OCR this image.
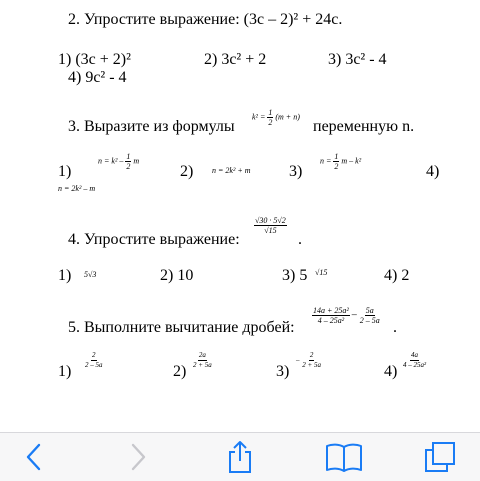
2. Упростите выражение: (3с – 2)² + 24с.
1) (3с + 2)²	2) 3с² + 2	3) 3с² - 4
4) 9с² - 4
3. Выразите из формулы
$k^2 = \frac{1}{2} (m + n)$
переменную n.
1)
$n = k^2 - \frac{1}{2}$ m
2) n = 2k² + m 3)
$n = \frac{1}{2}$ m – k²
4)
n = 2k² – m
4. Упростите выражение:
$\frac{√30 \cdot 5√2}{√15}$
.
1) 5√3	2) 10	3) 5 √15	4) 2
5. Выполните вычитание дробей:
$\frac{\text{14a + 25a²}}{\text{4 – 25a²}} - \frac{5a}{2 - 5a}$
.
1)
$\frac{2}{2 - 5a}$
2)
$\frac{2a}{2 + 5a}$
3)
– $\frac{2}{2 + 5a}$
4)
$\frac{4a}{\text{4 – 25a²}}$
